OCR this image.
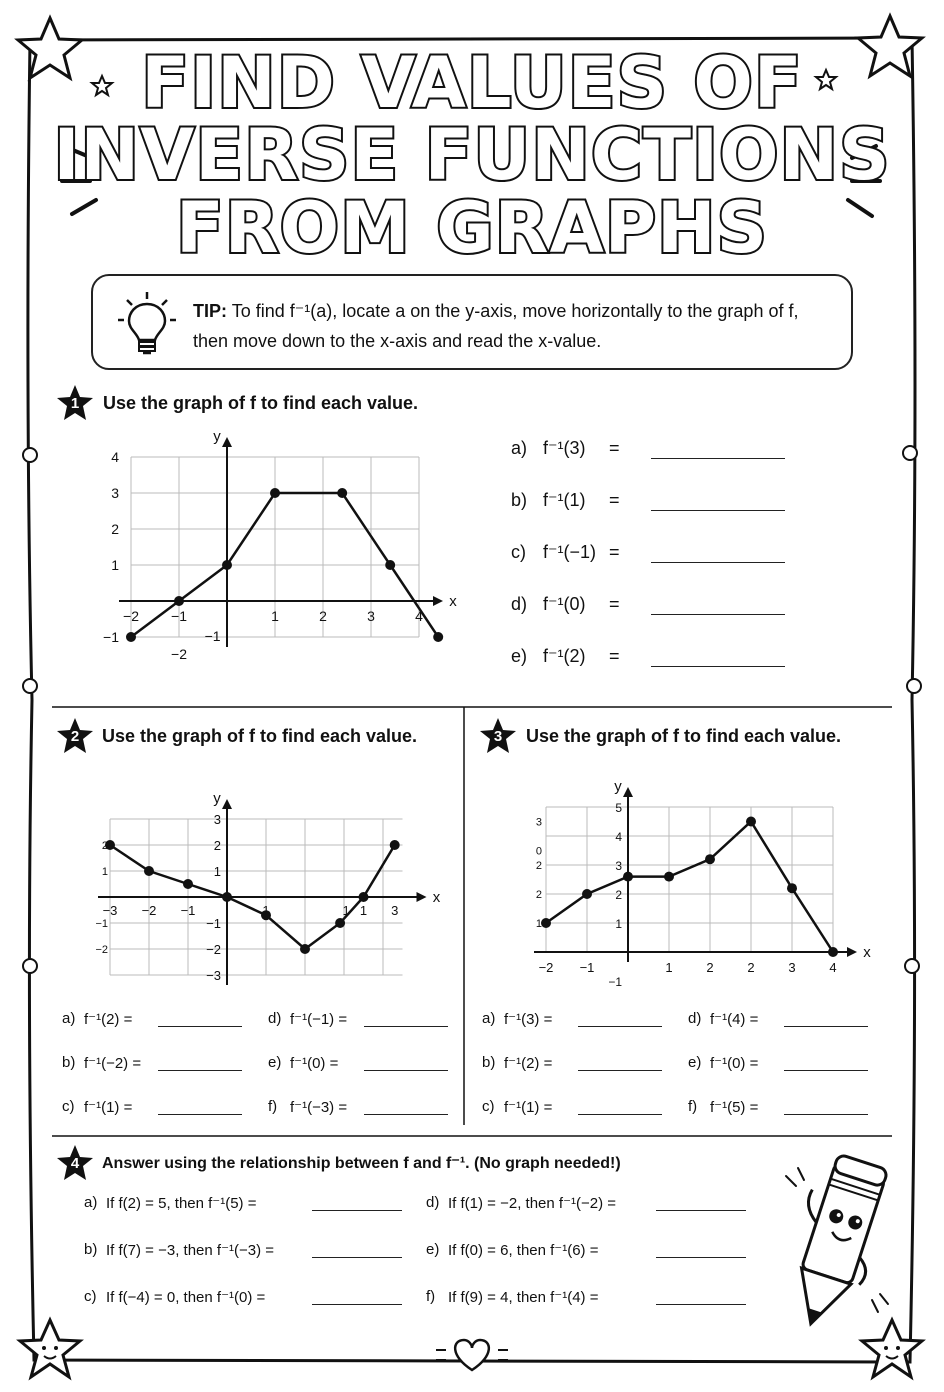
FIND VALUES OF
INVERSE FUNCTIONS
FROM GRAPHS
TIP: To find f⁻¹(a), locate a on the y-axis, move horizontally to the graph of f, then move down to the x-axis and read the x-value.
1	Use the graph of f to find each value.
x
y
−2 −1	1	2	3	4
4
3
2
1
−1
−2
−1
2	Use the graph of f to find each value.
x
y
−3 −2 −1	1	1 1 3
3
2
1
−1
−2
−3
2
1
−1
−2
3	Use the graph of f to find each value.
x
y
−2 −1	1	2	2	3	4
5
4
3
2
1
−1
3
0
2
2
1
4	Answer using the relationship between f and f⁻¹. (No graph needed!)
a) f⁻¹(3) =
b) f⁻¹(1) =
c) f⁻¹(−1) =
d) f⁻¹(0) =
e) f⁻¹(2) =
a) f⁻¹(2) =
b) f⁻¹(−2) =
c) f⁻¹(1) =
d) f⁻¹(−1) =
e) f⁻¹(0) =
f) f⁻¹(−3) =
a) f⁻¹(3) =
b) f⁻¹(2) =
c) f⁻¹(1) =
d) f⁻¹(4) =
e) f⁻¹(0) =
f) f⁻¹(5) =
a) If f(2) = 5, then f⁻¹(5) =
b) If f(7) = −3, then f⁻¹(−3) =
c) If f(−4) = 0, then f⁻¹(0) =
d) If f(1) = −2, then f⁻¹(−2) =
e) If f(0) = 6, then f⁻¹(6) =
f) If f(9) = 4, then f⁻¹(4) =
